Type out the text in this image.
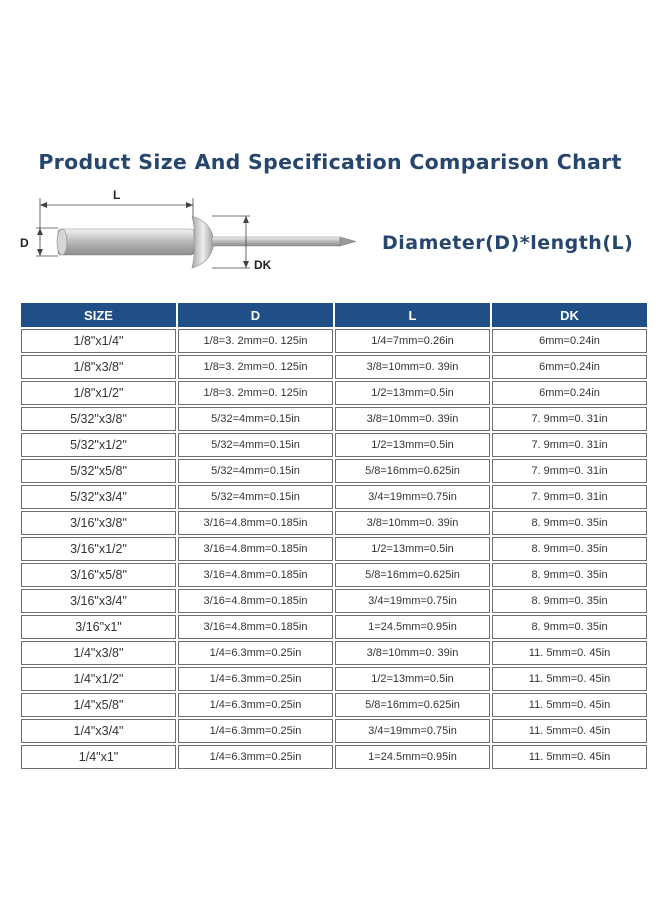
Product Size And Specification Comparison Chart
L
D
DK
Diameter(D)*length(L)
SIZE	D	L	DK
1/8"x1/4"	1/8=3. 2mm=0. 125in	1/4=7mm=0.26in	6mm=0.24in
1/8"x3/8"	1/8=3. 2mm=0. 125in	3/8=10mm=0. 39in	6mm=0.24in
1/8"x1/2"	1/8=3. 2mm=0. 125in	1/2=13mm=0.5in	6mm=0.24in
5/32"x3/8"	5/32=4mm=0.15in	3/8=10mm=0. 39in	7. 9mm=0. 31in
5/32"x1/2"	5/32=4mm=0.15in	1/2=13mm=0.5in	7. 9mm=0. 31in
5/32"x5/8"	5/32=4mm=0.15in	5/8=16mm=0.625in	7. 9mm=0. 31in
5/32"x3/4"	5/32=4mm=0.15in	3/4=19mm=0.75in	7. 9mm=0. 31in
3/16"x3/8"	3/16=4.8mm=0.185in	3/8=10mm=0. 39in	8. 9mm=0. 35in
3/16"x1/2"	3/16=4.8mm=0.185in	1/2=13mm=0.5in	8. 9mm=0. 35in
3/16"x5/8"	3/16=4.8mm=0.185in	5/8=16mm=0.625in	8. 9mm=0. 35in
3/16"x3/4"	3/16=4.8mm=0.185in	3/4=19mm=0.75in	8. 9mm=0. 35in
3/16"x1"	3/16=4.8mm=0.185in	1=24.5mm=0.95in	8. 9mm=0. 35in
1/4"x3/8"	1/4=6.3mm=0.25in	3/8=10mm=0. 39in	11. 5mm=0. 45in
1/4"x1/2"	1/4=6.3mm=0.25in	1/2=13mm=0.5in	11. 5mm=0. 45in
1/4"x5/8"	1/4=6.3mm=0.25in	5/8=16mm=0.625in	11. 5mm=0. 45in
1/4"x3/4"	1/4=6.3mm=0.25in	3/4=19mm=0.75in	11. 5mm=0. 45in
1/4"x1"	1/4=6.3mm=0.25in	1=24.5mm=0.95in	11. 5mm=0. 45in
